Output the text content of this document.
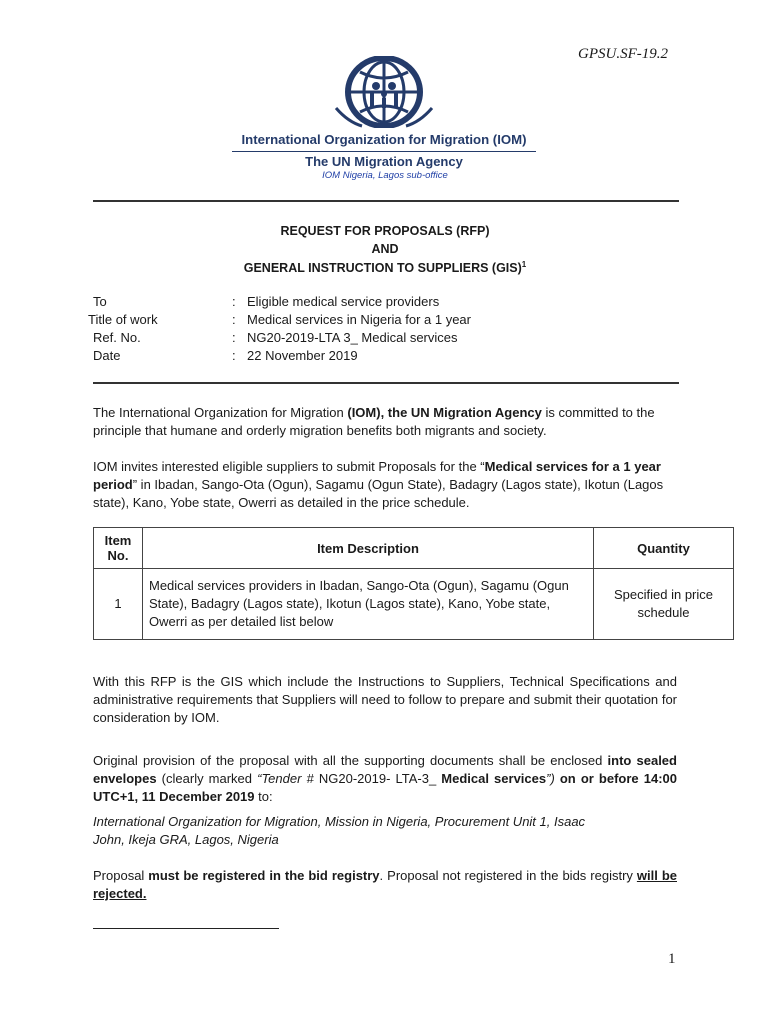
GPSU.SF-19.2
International Organization for Migration (IOM)
The UN Migration Agency
IOM Nigeria, Lagos sub-office
REQUEST FOR PROPOSALS (RFP)
AND
GENERAL INSTRUCTION TO SUPPLIERS (GIS)$^1$
To	: Eligible medical service providers
Title of work	: Medical services in Nigeria for a 1 year
Ref. No.	: NG20-2019-LTA 3_ Medical services
Date	: 22 November 2019
The International Organization for Migration (IOM), the UN Migration Agency is committed to the principle that humane and orderly migration benefits both migrants and society.
IOM invites interested eligible suppliers to submit Proposals for the “Medical services for a 1 year period” in Ibadan, Sango-Ota (Ogun), Sagamu (Ogun State), Badagry (Lagos state), Ikotun (Lagos state), Kano, Yobe state, Owerri as detailed in the price schedule.
Item No.	Item Description	Quantity
1	Medical services providers in Ibadan, Sango-Ota (Ogun), Sagamu (Ogun State), Badagry (Lagos state), Ikotun (Lagos state), Kano, Yobe state, Owerri as per detailed list below	Specified in price schedule
With this RFP is the GIS which include the Instructions to Suppliers, Technical Specifications and administrative requirements that Suppliers will need to follow to prepare and submit their quotation for consideration by IOM.
Original provision of the proposal with all the supporting documents shall be enclosed into sealed envelopes (clearly marked “Tender # NG20-2019- LTA-3_ Medical services”) on or before 14:00 UTC+1, 11 December 2019 to:
International Organization for Migration, Mission in Nigeria, Procurement Unit 1, Isaac John, Ikeja GRA, Lagos, Nigeria
Proposal must be registered in the bid registry. Proposal not registered in the bids registry will be rejected.
1
